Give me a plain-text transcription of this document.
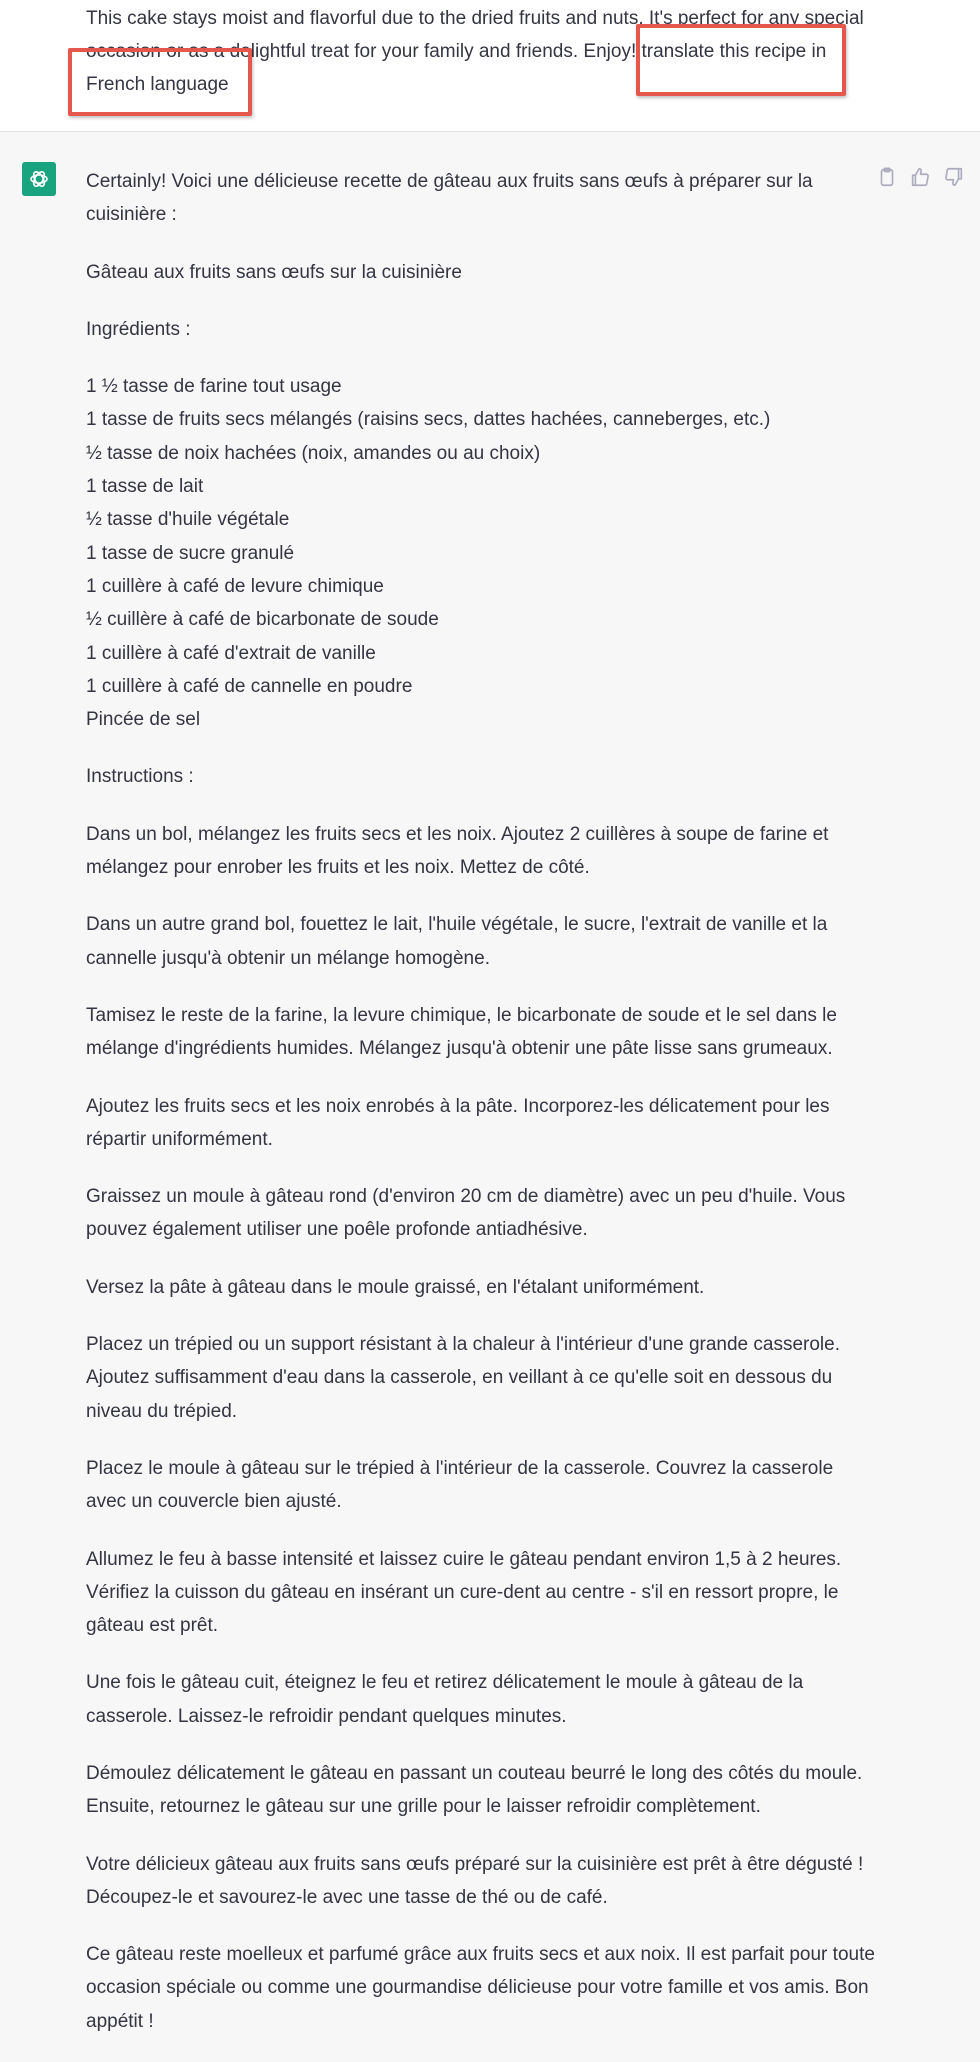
This cake stays moist and flavorful due to the dried fruits and nuts. It's perfect for any special occasion or as a delightful treat for your family and friends. Enjoy! translate this recipe in French language

Certainly! Voici une délicieuse recette de gâteau aux fruits sans œufs à préparer sur la cuisinière :

Gâteau aux fruits sans œufs sur la cuisinière

Ingrédients :

1 ½ tasse de farine tout usage
1 tasse de fruits secs mélangés (raisins secs, dattes hachées, canneberges, etc.)
½ tasse de noix hachées (noix, amandes ou au choix)
1 tasse de lait
½ tasse d'huile végétale
1 tasse de sucre granulé
1 cuillère à café de levure chimique
½ cuillère à café de bicarbonate de soude
1 cuillère à café d'extrait de vanille
1 cuillère à café de cannelle en poudre
Pincée de sel

Instructions :

Dans un bol, mélangez les fruits secs et les noix. Ajoutez 2 cuillères à soupe de farine et mélangez pour enrober les fruits et les noix. Mettez de côté.

Dans un autre grand bol, fouettez le lait, l'huile végétale, le sucre, l'extrait de vanille et la cannelle jusqu'à obtenir un mélange homogène.

Tamisez le reste de la farine, la levure chimique, le bicarbonate de soude et le sel dans le mélange d'ingrédients humides. Mélangez jusqu'à obtenir une pâte lisse sans grumeaux.

Ajoutez les fruits secs et les noix enrobés à la pâte. Incorporez-les délicatement pour les répartir uniformément.

Graissez un moule à gâteau rond (d'environ 20 cm de diamètre) avec un peu d'huile. Vous pouvez également utiliser une poêle profonde antiadhésive.

Versez la pâte à gâteau dans le moule graissé, en l'étalant uniformément.

Placez un trépied ou un support résistant à la chaleur à l'intérieur d'une grande casserole. Ajoutez suffisamment d'eau dans la casserole, en veillant à ce qu'elle soit en dessous du niveau du trépied.

Placez le moule à gâteau sur le trépied à l'intérieur de la casserole. Couvrez la casserole avec un couvercle bien ajusté.

Allumez le feu à basse intensité et laissez cuire le gâteau pendant environ 1,5 à 2 heures. Vérifiez la cuisson du gâteau en insérant un cure-dent au centre - s'il en ressort propre, le gâteau est prêt.

Une fois le gâteau cuit, éteignez le feu et retirez délicatement le moule à gâteau de la casserole. Laissez-le refroidir pendant quelques minutes.

Démoulez délicatement le gâteau en passant un couteau beurré le long des côtés du moule. Ensuite, retournez le gâteau sur une grille pour le laisser refroidir complètement.

Votre délicieux gâteau aux fruits sans œufs préparé sur la cuisinière est prêt à être dégusté ! Découpez-le et savourez-le avec une tasse de thé ou de café.

Ce gâteau reste moelleux et parfumé grâce aux fruits secs et aux noix. Il est parfait pour toute occasion spéciale ou comme une gourmandise délicieuse pour votre famille et vos amis. Bon appétit !
